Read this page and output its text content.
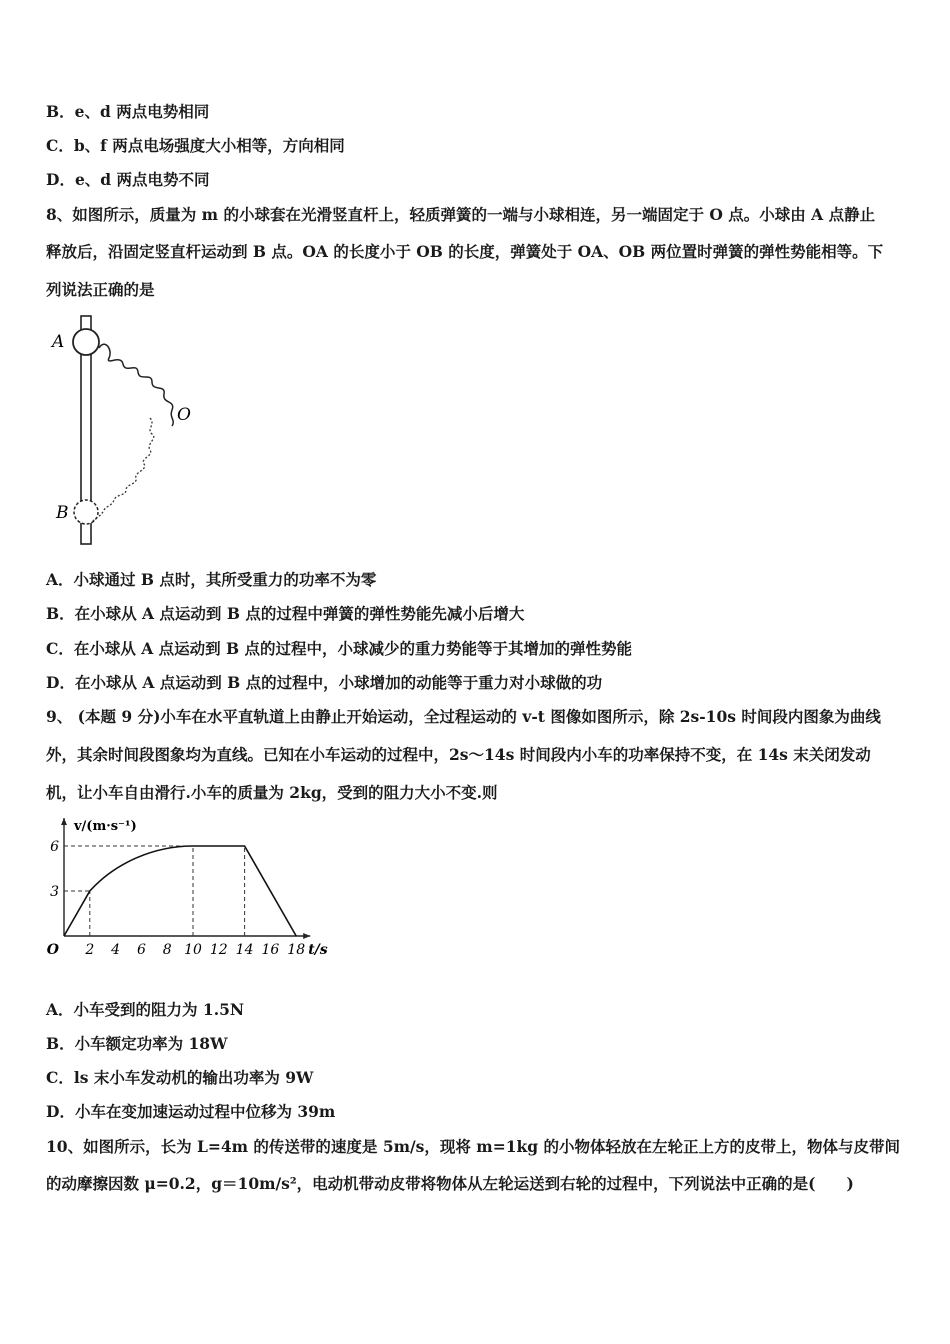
B．e、d 两点电势相同
C．b、f 两点电场强度大小相等，方向相同
D．e、d 两点电势不同
8、如图所示，质量为 m 的小球套在光滑竖直杆上，轻质弹簧的一端与小球相连，另一端固定于 O 点。小球由 A 点静止
释放后，沿固定竖直杆运动到 B 点。OA 的长度小于 OB 的长度，弹簧处于 OA、OB 两位置时弹簧的弹性势能相等。下
列说法正确的是
A
O
B
A．小球通过 B 点时，其所受重力的功率不为零
B．在小球从 A 点运动到 B 点的过程中弹簧的弹性势能先减小后增大
C．在小球从 A 点运动到 B 点的过程中，小球减少的重力势能等于其增加的弹性势能
D．在小球从 A 点运动到 B 点的过程中，小球增加的动能等于重力对小球做的功
9、 (本题 9 分)小车在水平直轨道上由静止开始运动，全过程运动的 v-t 图像如图所示，除 2s-10s 时间段内图象为曲线
外，其余时间段图象均为直线。已知在小车运动的过程中，2s～14s 时间段内小车的功率保持不变，在 14s 末关闭发动
机，让小车自由滑行.小车的质量为 2kg，受到的阻力大小不变.则
2 4 6 8 10 12 14 16 18
3
6
O	t/s
v/(m·s⁻¹)
A．小车受到的阻力为 1.5N
B．小车额定功率为 18W
C．ls 末小车发动机的输出功率为 9W
D．小车在变加速运动过程中位移为 39m
10、如图所示，长为 L=4m 的传送带的速度是 5m/s，现将 m=1kg 的小物体轻放在左轮正上方的皮带上，物体与皮带间
的动摩擦因数 μ=0.2，g＝10m/s²，电动机带动皮带将物体从左轮运送到右轮的过程中，下列说法中正确的是(　　)
